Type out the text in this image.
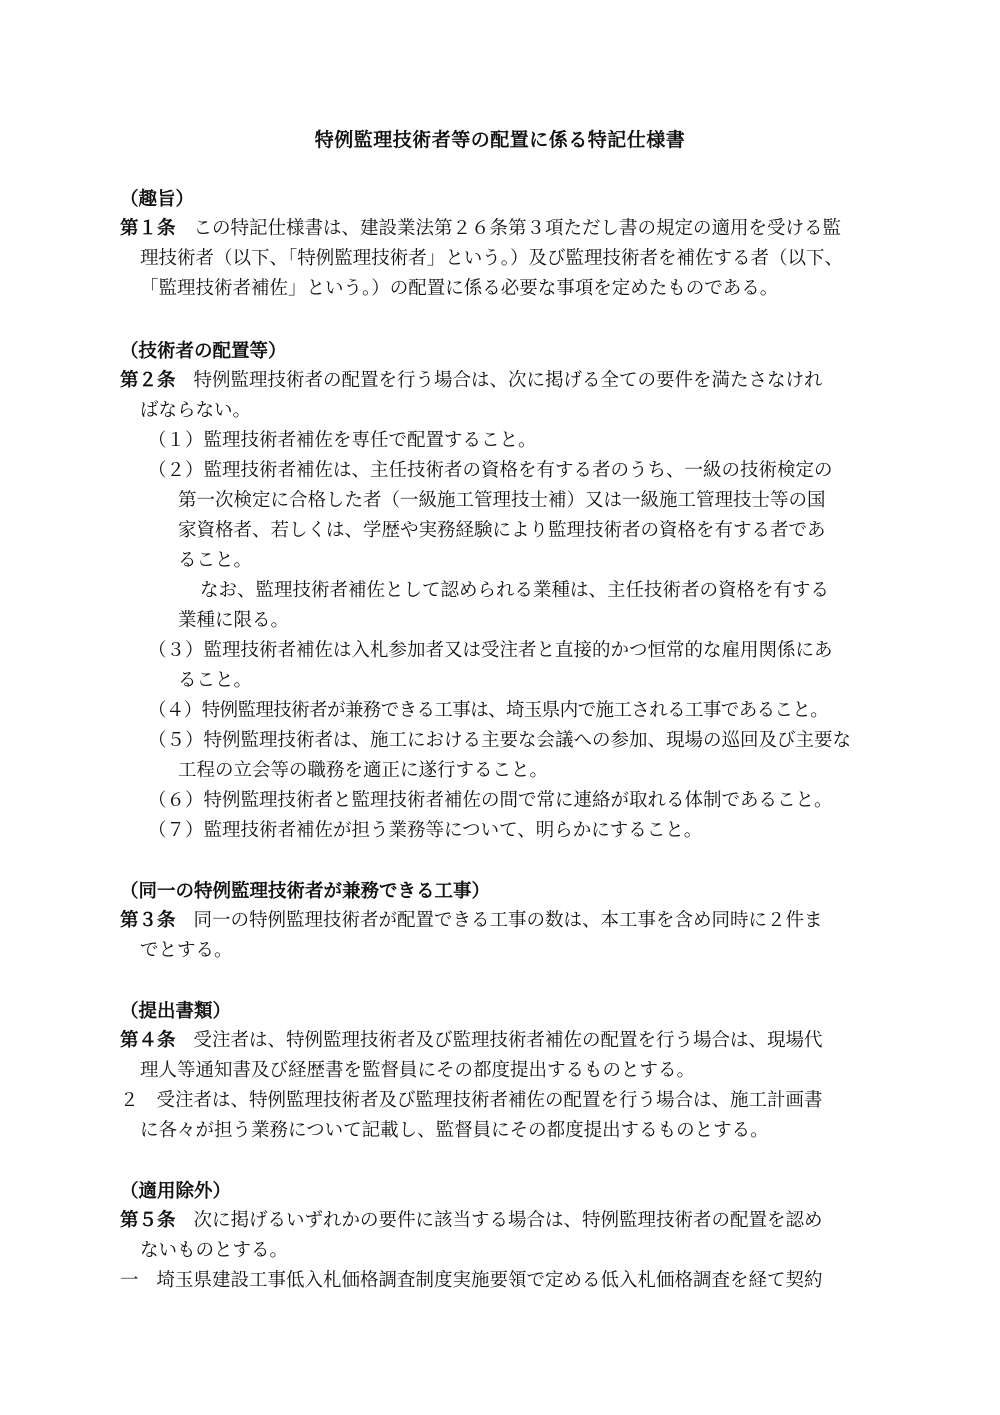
特例監理技術者等の配置に係る特記仕様書
（趣旨）
第１条 この特記仕様書は、建設業法第２６条第３項ただし書の規定の適用を受ける監
理技術者（以下、「特例監理技術者」という。）及び監理技術者を補佐する者（以下、
「監理技術者補佐」という。）の配置に係る必要な事項を定めたものである。
（技術者の配置等）
第２条 特例監理技術者の配置を行う場合は、次に掲げる全ての要件を満たさなけれ
ばならない。
（１）監理技術者補佐を専任で配置すること。
（２）監理技術者補佐は、主任技術者の資格を有する者のうち、一級の技術検定の
第一次検定に合格した者（一級施工管理技士補）又は一級施工管理技士等の国
家資格者、若しくは、学歴や実務経験により監理技術者の資格を有する者であ
ること。
なお、監理技術者補佐として認められる業種は、主任技術者の資格を有する
業種に限る。
（３）監理技術者補佐は入札参加者又は受注者と直接的かつ恒常的な雇用関係にあ
ること。
（４）特例監理技術者が兼務できる工事は、埼玉県内で施工される工事であること。
（５）特例監理技術者は、施工における主要な会議への参加、現場の巡回及び主要な
工程の立会等の職務を適正に遂行すること。
（６）特例監理技術者と監理技術者補佐の間で常に連絡が取れる体制であること。
（７）監理技術者補佐が担う業務等について、明らかにすること。
（同一の特例監理技術者が兼務できる工事）
第３条 同一の特例監理技術者が配置できる工事の数は、本工事を含め同時に２件ま
でとする。
（提出書類）
第４条 受注者は、特例監理技術者及び監理技術者補佐の配置を行う場合は、現場代
理人等通知書及び経歴書を監督員にその都度提出するものとする。
２ 受注者は、特例監理技術者及び監理技術者補佐の配置を行う場合は、施工計画書
に各々が担う業務について記載し、監督員にその都度提出するものとする。
（適用除外）
第５条 次に掲げるいずれかの要件に該当する場合は、特例監理技術者の配置を認め
ないものとする。
一 埼玉県建設工事低入札価格調査制度実施要領で定める低入札価格調査を経て契約
